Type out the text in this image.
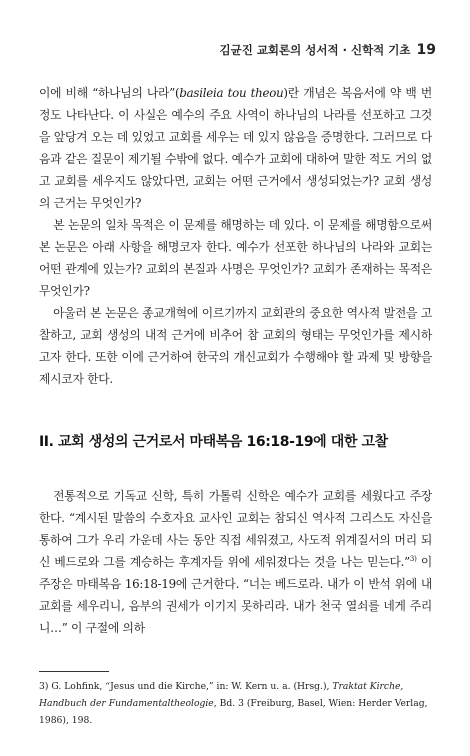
김균진 교회론의 성서적 · 신학적 기초 19

이에 비해 “하나님의 나라”(basileia tou theou)란 개념은 복음서에 약 백 번 정도 나타난다. 이 사실은 예수의 주요 사역이 하나님의 나라를 선포하고 그것을 앞당겨 오는 데 있었고 교회를 세우는 데 있지 않음을 증명한다. 그러므로 다음과 같은 질문이 제기될 수밖에 없다. 예수가 교회에 대하여 말한 적도 거의 없고 교회를 세우지도 않았다면, 교회는 어떤 근거에서 생성되었는가? 교회 생성의 근거는 무엇인가?

본 논문의 일차 목적은 이 문제를 해명하는 데 있다. 이 문제를 해명함으로써 본 논문은 아래 사항을 해명코자 한다. 예수가 선포한 하나님의 나라와 교회는 어떤 관계에 있는가? 교회의 본질과 사명은 무엇인가? 교회가 존재하는 목적은 무엇인가?

아울러 본 논문은 종교개혁에 이르기까지 교회관의 중요한 역사적 발전을 고찰하고, 교회 생성의 내적 근거에 비추어 참 교회의 형태는 무엇인가를 제시하고자 한다. 또한 이에 근거하여 한국의 개신교회가 수행해야 할 과제 및 방향을 제시코자 한다.

II. 교회 생성의 근거로서 마태복음 16:18-19에 대한 고찰

전통적으로 기독교 신학, 특히 가톨릭 신학은 예수가 교회를 세웠다고 주장한다. “계시된 말씀의 수호자요 교사인 교회는 참되신 역사적 그리스도 자신을 통하여 그가 우리 가운데 사는 동안 직접 세워졌고, 사도적 위계질서의 머리 되신 베드로와 그를 계승하는 후계자들 위에 세워졌다는 것을 나는 믿는다.”$^{3)}$ 이 주장은 마태복음 16:18-19에 근거한다. “너는 베드로라. 내가 이 반석 위에 내 교회를 세우리니, 음부의 권세가 이기지 못하리라. 내가 천국 열쇠를 네게 주리니…” 이 구절에 의하

3) G. Lohfink, “Jesus und die Kirche,” in: W. Kern u. a. (Hrsg.), Traktat Kirche, Handbuch der Fundamentaltheologie, Bd. 3 (Freiburg, Basel, Wien: Herder Verlag, 1986), 198.
